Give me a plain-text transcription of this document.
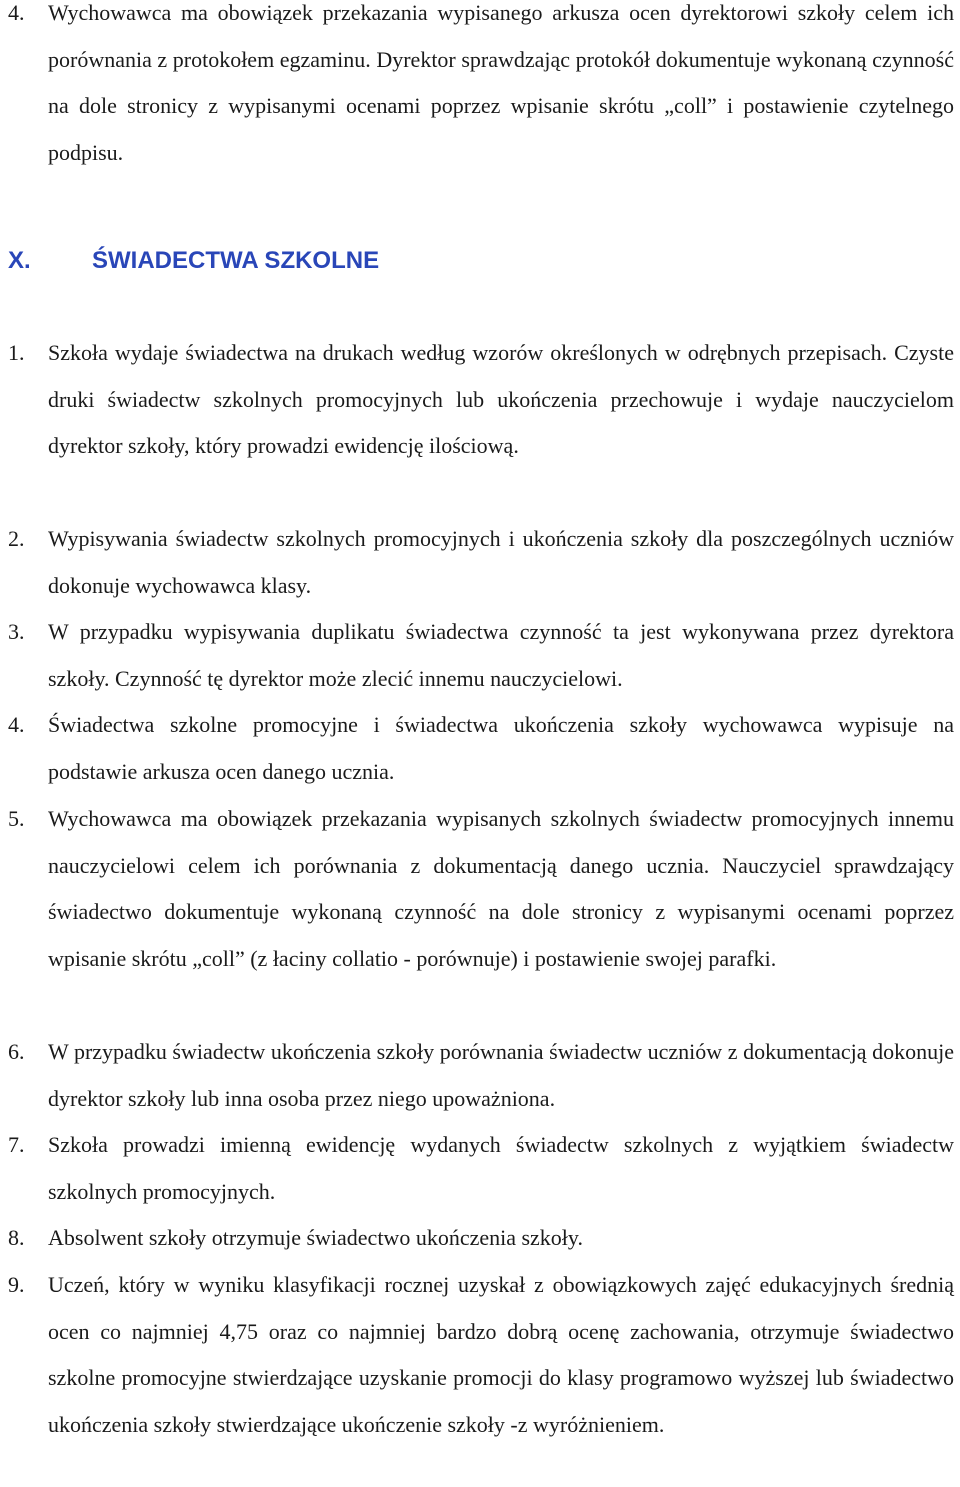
4.	Wychowawca ma obowiązek przekazania wypisanego arkusza ocen dyrektorowi szkoły celem ich porównania z protokołem egzaminu. Dyrektor sprawdzając protokół dokumentuje wykonaną czynność na dole stronicy z wypisanymi ocenami poprzez wpisanie skrótu „coll” i postawienie czytelnego podpisu.
X.	ŚWIADECTWA SZKOLNE
1.	Szkoła wydaje świadectwa na drukach według wzorów określonych w odrębnych przepisach. Czyste druki świadectw szkolnych promocyjnych lub ukończenia przechowuje i wydaje nauczycielom dyrektor szkoły, który prowadzi ewidencję ilościową.
2.	Wypisywania świadectw szkolnych promocyjnych i ukończenia szkoły dla poszczególnych uczniów dokonuje wychowawca klasy.
3.	W przypadku wypisywania duplikatu świadectwa czynność ta jest wykonywana przez dyrektora szkoły. Czynność tę dyrektor może zlecić innemu nauczycielowi.
4.	Świadectwa szkolne promocyjne i świadectwa ukończenia szkoły wychowawca wypisuje na podstawie arkusza ocen danego ucznia.
5.	Wychowawca ma obowiązek przekazania wypisanych szkolnych świadectw promocyjnych innemu nauczycielowi celem ich porównania z dokumentacją danego ucznia. Nauczyciel sprawdzający świadectwo dokumentuje wykonaną czynność na dole stronicy z wypisanymi ocenami poprzez wpisanie skrótu „coll” (z łaciny collatio - porównuje) i postawienie swojej parafki.
6.	W przypadku świadectw ukończenia szkoły porównania świadectw uczniów z dokumentacją dokonuje dyrektor szkoły lub inna osoba przez niego upoważniona.
7.	Szkoła prowadzi imienną ewidencję wydanych świadectw szkolnych z wyjątkiem świadectw szkolnych promocyjnych.
8.	Absolwent szkoły otrzymuje świadectwo ukończenia szkoły.
9.	Uczeń, który w wyniku klasyfikacji rocznej uzyskał z obowiązkowych zajęć edukacyjnych średnią ocen co najmniej 4,75 oraz co najmniej bardzo dobrą ocenę zachowania, otrzymuje świadectwo szkolne promocyjne stwierdzające uzyskanie promocji do klasy programowo wyższej lub świadectwo ukończenia szkoły stwierdzające ukończenie szkoły -z wyróżnieniem.
